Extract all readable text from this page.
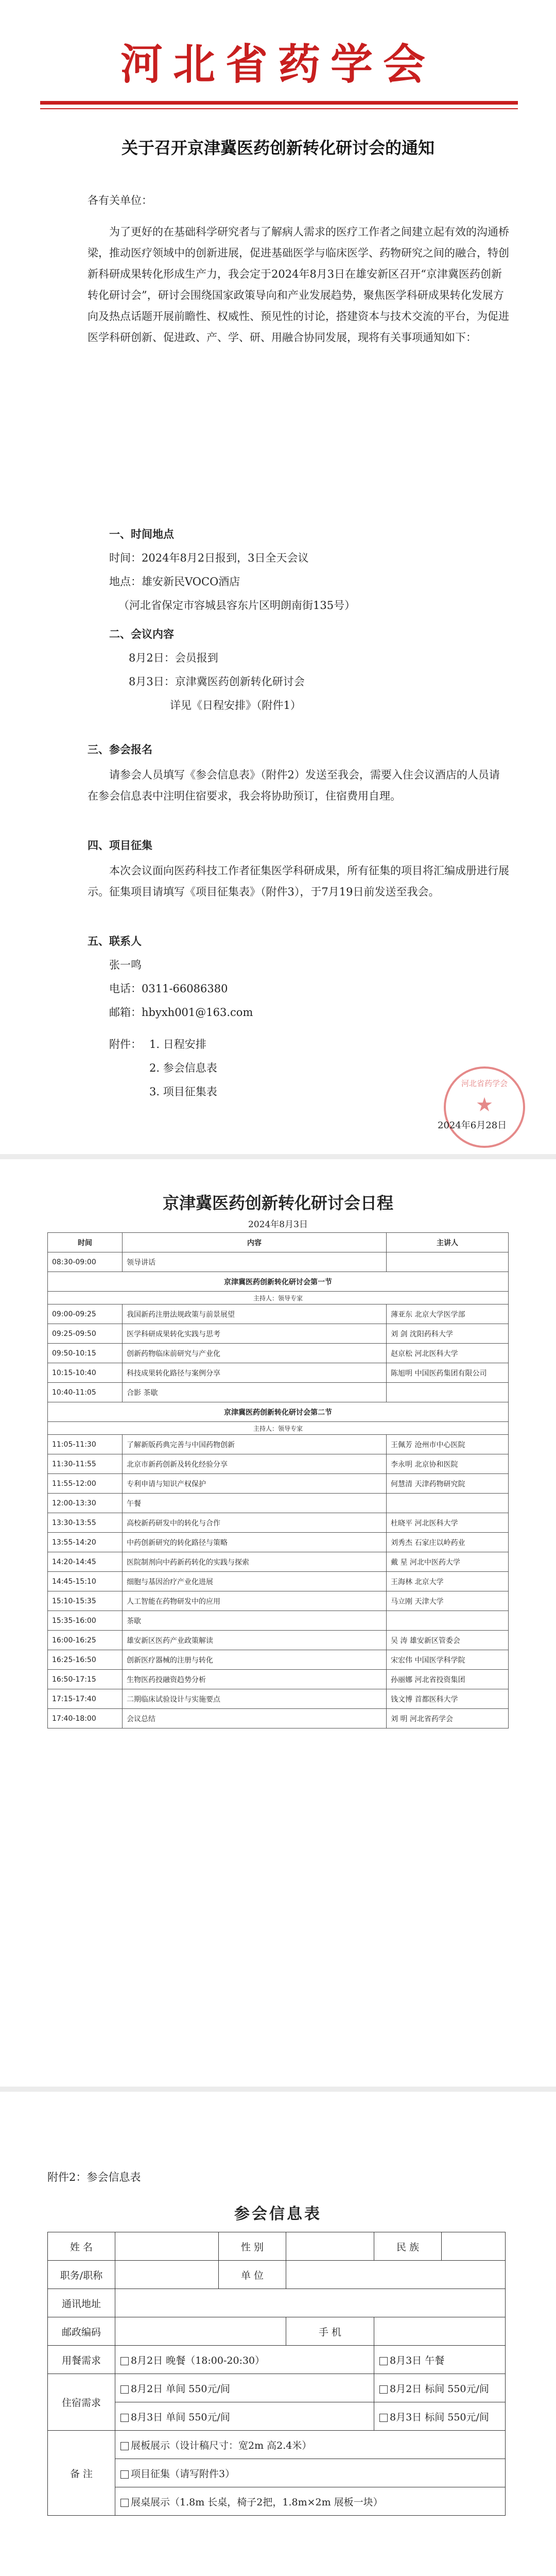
河北省药学会
关于召开京津冀医药创新转化研讨会的通知
各有关单位：
为了更好的在基础科学研究者与了解病人需求的医疗工作者之间建立起有效的沟通桥梁，推动医疗领域中的创新进展，促进基础医学与临床医学、药物研究之间的融合，特创新科研成果转化形成生产力，我会定于2024年8月3日在雄安新区召开“京津冀医药创新转化研讨会”，研讨会围绕国家政策导向和产业发展趋势，聚焦医学科研成果转化发展方向及热点话题开展前瞻性、权威性、预见性的讨论，搭建资本与技术交流的平台，为促进医学科研创新、促进政、产、学、研、用融合协同发展，现将有关事项通知如下：
一、时间地点
时间：2024年8月2日报到，3日全天会议
地点：雄安新民VOCO酒店
（河北省保定市容城县容东片区明朗南街135号）
二、会议内容
8月2日：会员报到
8月3日：京津冀医药创新转化研讨会
详见《日程安排》（附件1）
三、参会报名
请参会人员填写《参会信息表》（附件2）发送至我会，需要入住会议酒店的人员请在参会信息表中注明住宿要求，我会将协助预订，住宿费用自理。
四、项目征集
本次会议面向医药科技工作者征集医学科研成果，所有征集的项目将汇编成册进行展示。征集项目请填写《项目征集表》（附件3），于7月19日前发送至我会。
五、联系人
张一鸣
电话：0311-66086380
邮箱：hbyxh001@163.com
附件： 1. 日程安排
2. 参会信息表
3. 项目征集表
河北省药学会
★
2024年6月28日
京津冀医药创新转化研讨会日程
2024年8月3日
时间	内容	主讲人
08:30-09:00	领导讲话	
京津冀医药创新转化研讨会第一节		
主持人：领导专家		
09:00-09:25	我国新药注册法规政策与前景展望	薄亚东 北京大学医学部
09:25-09:50	医学科研成果转化实践与思考	刘 剑 沈阳药科大学
09:50-10:15	创新药物临床前研究与产业化	赵京松 河北医科大学
10:15-10:40	科技成果转化路径与案例分享	陈旭明 中国医药集团有限公司
10:40-11:05	合影 茶歇	
京津冀医药创新转化研讨会第二节		
主持人：领导专家		
11:05-11:30	了解新版药典完善与中国药物创新	王佩芳 沧州市中心医院
11:30-11:55	北京市新药创新及转化经验分享	李永明 北京协和医院
11:55-12:00	专利申请与知识产权保护	何慧清 天津药物研究院
12:00-13:30	午餐	
13:30-13:55	高校新药研发中的转化与合作	杜晓平 河北医科大学
13:55-14:20	中药创新研究的转化路径与策略	刘秀杰 石家庄以岭药业
14:20-14:45	医院制剂向中药新药转化的实践与探索	戴 星 河北中医药大学
14:45-15:10	细胞与基因治疗产业化进展	王海林 北京大学
15:10-15:35	人工智能在药物研发中的应用	马立刚 天津大学
15:35-16:00	茶歇	
16:00-16:25	雄安新区医药产业政策解读	吴 涛 雄安新区管委会
16:25-16:50	创新医疗器械的注册与转化	宋宏伟 中国医学科学院
16:50-17:15	生物医药投融资趋势分析	孙丽娜 河北省投资集团
17:15-17:40	二期临床试验设计与实施要点	钱文博 首都医科大学
17:40-18:00	会议总结	刘 明 河北省药学会
附件2：参会信息表
参会信息表
姓 名		性 别		民 族	
职务/职称		单 位			
通讯地址					
邮政编码			手 机		
用餐需求	8月2日 晚餐（18:00-20:30）			8月3日 午餐	
住宿需求	8月2日 单间 550元/间			8月2日 标间 550元/间	
	8月3日 单间 550元/间			8月3日 标间 550元/间	
备 注	展板展示（设计稿尺寸：宽2m 高2.4米）				
	项目征集（请写附件3）				
	展桌展示（1.8m 长桌，椅子2把，1.8m×2m 展板一块）				
